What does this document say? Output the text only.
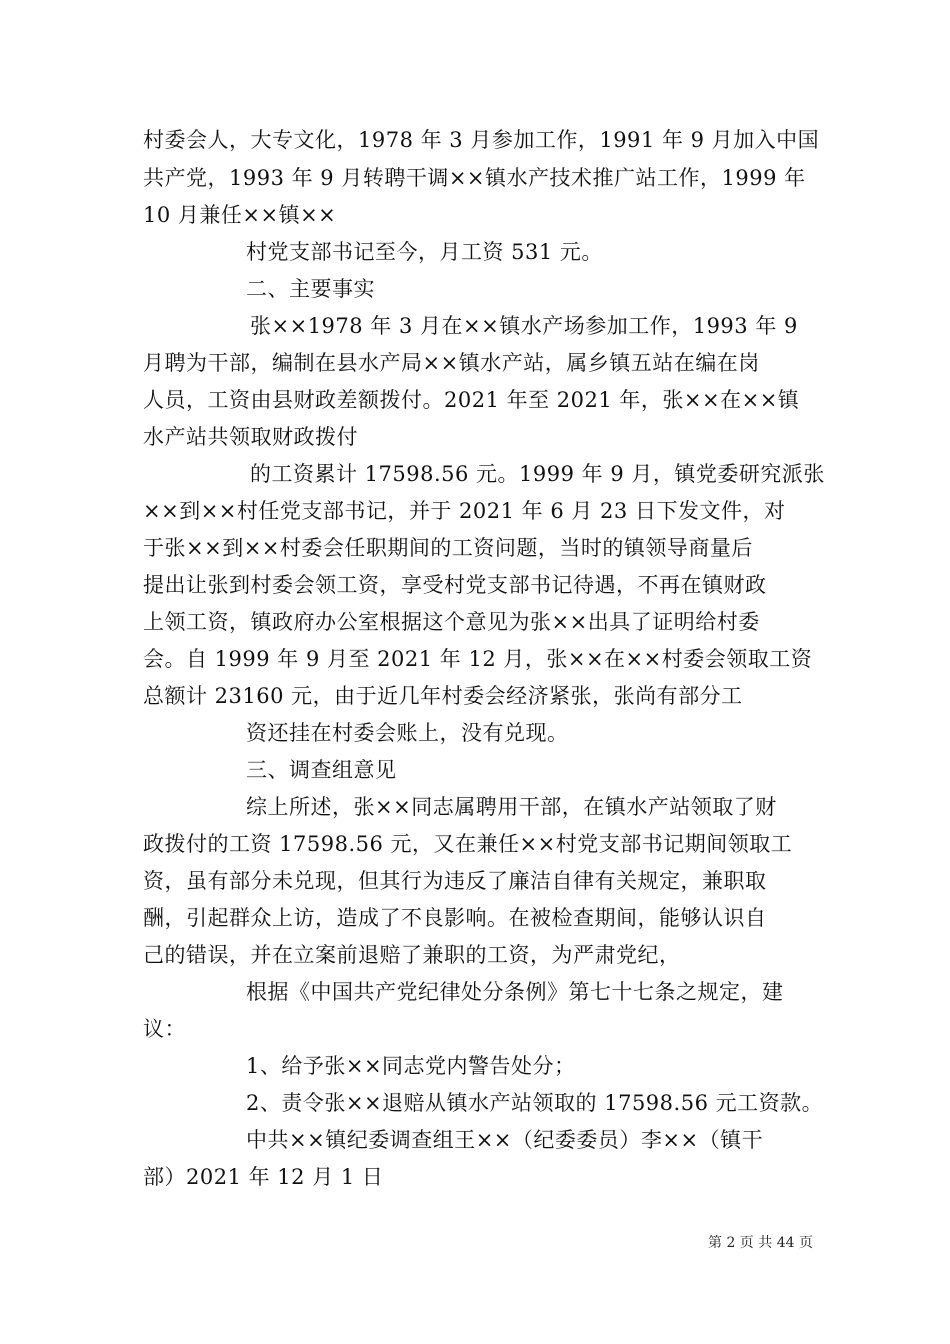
村委会人，大专文化，1978 年 3 月参加工作，1991 年 9 月加入中国
共产党，1993 年 9 月转聘干调××镇水产技术推广站工作，1999 年
10 月兼任××镇××
村党支部书记至今，月工资 531 元。
二、主要事实
张××1978 年 3 月在××镇水产场参加工作，1993 年 9
月聘为干部，编制在县水产局××镇水产站，属乡镇五站在编在岗
人员，工资由县财政差额拨付。2021 年至 2021 年，张××在××镇
水产站共领取财政拨付
的工资累计 17598.56 元。1999 年 9 月，镇党委研究派张
××到××村任党支部书记，并于 2021 年 6 月 23 日下发文件，对
于张××到××村委会任职期间的工资问题，当时的镇领导商量后
提出让张到村委会领工资，享受村党支部书记待遇，不再在镇财政
上领工资，镇政府办公室根据这个意见为张××出具了证明给村委
会。自 1999 年 9 月至 2021 年 12 月，张××在××村委会领取工资
总额计 23160 元，由于近几年村委会经济紧张，张尚有部分工
资还挂在村委会账上，没有兑现。
三、调查组意见
综上所述，张××同志属聘用干部，在镇水产站领取了财
政拨付的工资 17598.56 元，又在兼任××村党支部书记期间领取工
资，虽有部分未兑现，但其行为违反了廉洁自律有关规定，兼职取
酬，引起群众上访，造成了不良影响。在被检查期间，能够认识自
己的错误，并在立案前退赔了兼职的工资，为严肃党纪，
根据《中国共产党纪律处分条例》第七十七条之规定，建
议：
1、给予张××同志党内警告处分；
2、责令张××退赔从镇水产站领取的 17598.56 元工资款。
中共××镇纪委调查组王××（纪委委员）李××（镇干
部）2021 年 12 月 1 日
第 2 页 共 44 页
